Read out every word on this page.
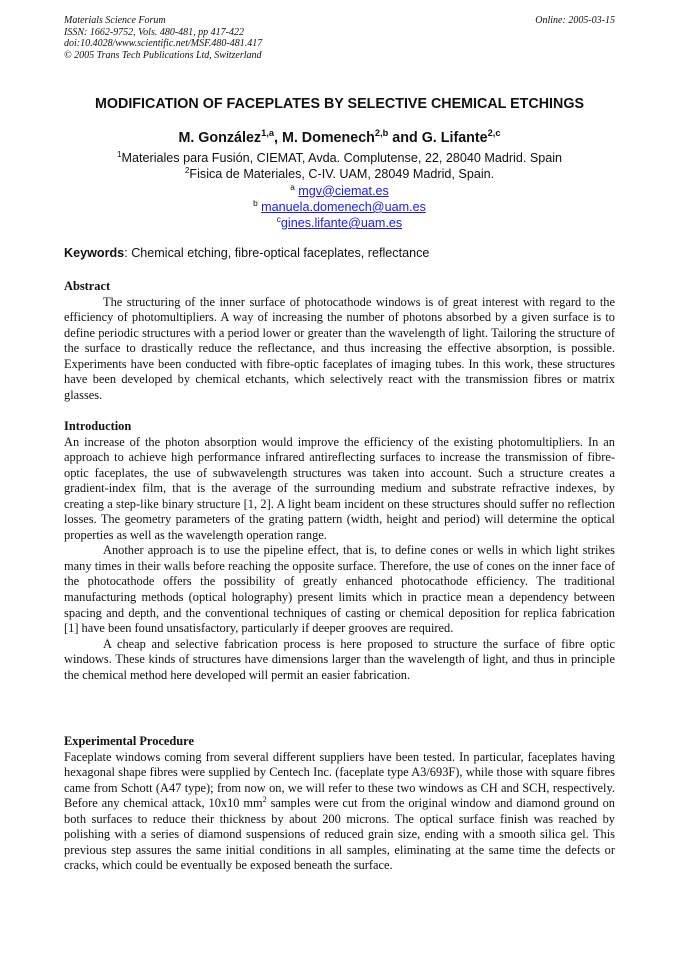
Materials Science Forum
ISSN: 1662-9752, Vols. 480-481, pp 417-422
doi:10.4028/www.scientific.net/MSF.480-481.417
© 2005 Trans Tech Publications Ltd, Switzerland
Online: 2005-03-15
MODIFICATION OF FACEPLATES BY SELECTIVE CHEMICAL ETCHINGS
M. González$^{1,a}$, M. Domenech$^{2,b}$ and G. Lifante$^{2,c}$
$^1$Materiales para Fusión, CIEMAT, Avda. Complutense, 22, 28040 Madrid. Spain
$^2$Fisica de Materiales, C-IV. UAM, 28049 Madrid, Spain.
$^a$ mgv@ciemat.es
$^b$ manuela.domenech@uam.es
$^c$gines.lifante@uam.es
Keywords: Chemical etching, fibre-optical faceplates, reflectance
Abstract

The structuring of the inner surface of photocathode windows is of great interest with regard to the efficiency of photomultipliers. A way of increasing the number of photons absorbed by a given surface is to define periodic structures with a period lower or greater than the wavelength of light. Tailoring the structure of the surface to drastically reduce the reflectance, and thus increasing the effective absorption, is possible. Experiments have been conducted with fibre-optic faceplates of imaging tubes. In this work, these structures have been developed by chemical etchants, which selectively react with the transmission fibres or matrix glasses.

Introduction

An increase of the photon absorption would improve the efficiency of the existing photomultipliers. In an approach to achieve high performance infrared antireflecting surfaces to increase the transmission of fibre-optic faceplates, the use of subwavelength structures was taken into account. Such a structure creates a gradient-index film, that is the average of the surrounding medium and substrate refractive indexes, by creating a step-like binary structure [1, 2]. A light beam incident on these structures should suffer no reflection losses. The geometry parameters of the grating pattern (width, height and period) will determine the optical properties as well as the wavelength operation range.

Another approach is to use the pipeline effect, that is, to define cones or wells in which light strikes many times in their walls before reaching the opposite surface. Therefore, the use of cones on the inner face of the photocathode offers the possibility of greatly enhanced photocathode efficiency. The traditional manufacturing methods (optical holography) present limits which in practice mean a dependency between spacing and depth, and the conventional techniques of casting or chemical deposition for replica fabrication [1] have been found unsatisfactory, particularly if deeper grooves are required.

A cheap and selective fabrication process is here proposed to structure the surface of fibre optic windows. These kinds of structures have dimensions larger than the wavelength of light, and thus in principle the chemical method here developed will permit an easier fabrication.

Experimental Procedure

Faceplate windows coming from several different suppliers have been tested. In particular, faceplates having hexagonal shape fibres were supplied by Centech Inc. (faceplate type A3/693F), while those with square fibres came from Schott (A47 type); from now on, we will refer to these two windows as CH and SCH, respectively. Before any chemical attack, 10x10 $mm^2$ samples were cut from the original window and diamond ground on both surfaces to reduce their thickness by about 200 microns. The optical surface finish was reached by polishing with a series of diamond suspensions of reduced grain size, ending with a smooth silica gel. This previous step assures the same initial conditions in all samples, eliminating at the same time the defects or cracks, which could be eventually be exposed beneath the surface.
